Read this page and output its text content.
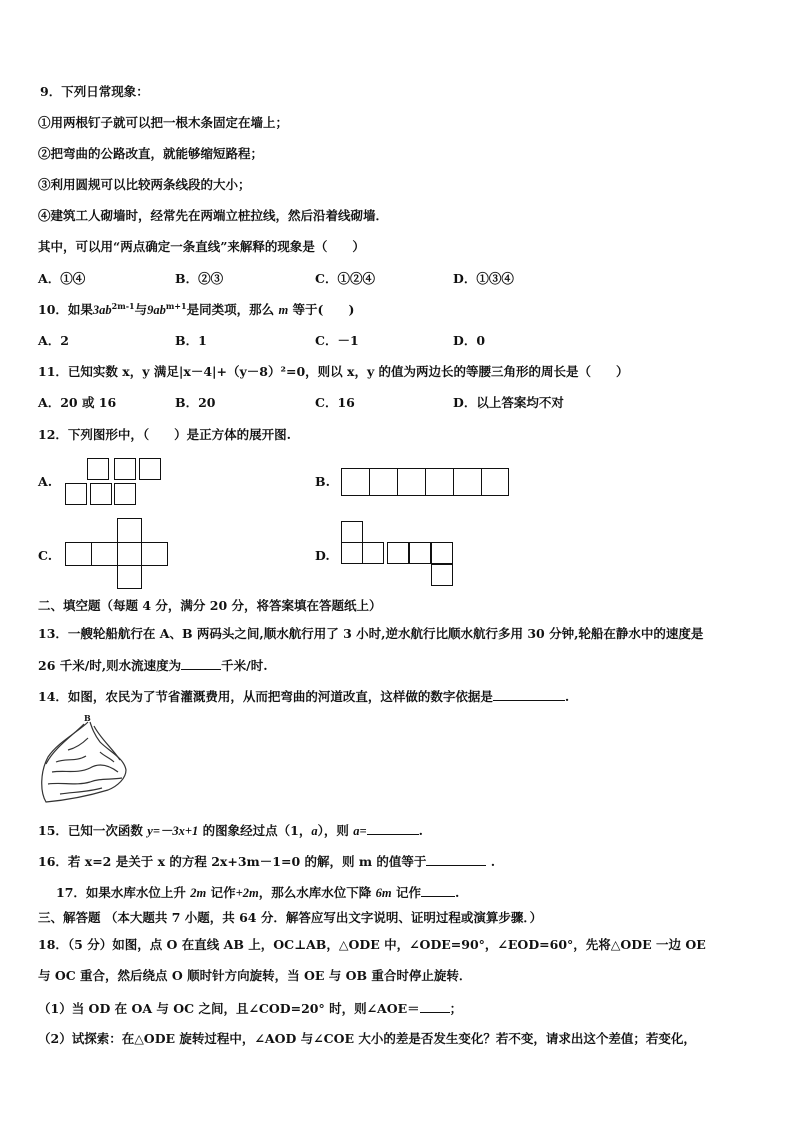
9．下列日常现象：
①用两根钉子就可以把一根木条固定在墙上；
②把弯曲的公路改直，就能够缩短路程；
③利用圆规可以比较两条线段的大小；
④建筑工人砌墙时，经常先在两端立桩拉线，然后沿着线砌墙．
其中，可以用“两点确定一条直线”来解释的现象是（　　）
A．①④	B．②③	C．①②④	D．①③④
10．如果$3ab^{2m-1}$与$9ab^{m+1}$是同类项，那么 m 等于(　　)
A．2	B．1	C．－1	D．0
11．已知实数 x，y 满足|x－4|+（y－8）²=0，则以 x，y 的值为两边长的等腰三角形的周长是（　　）
A．20 或 16	B．20	C．16	D．以上答案均不对
12．下列图形中，（　　）是正方体的展开图.
A.	B.
C.	D.
二、填空题（每题 4 分，满分 20 分，将答案填在答题纸上）
13．一艘轮船航行在 A、B 两码头之间,顺水航行用了 3 小时,逆水航行比顺水航行多用 30 分钟,轮船在静水中的速度是
26 千米/时,则水流速度为	千米/时.
14．如图，农民为了节省灌溉费用，从而把弯曲的河道改直，这样做的数字依据是	.
B
15．已知一次函数 y=－3x+1 的图象经过点（1，a），则 a=	.
16．若 x=2 是关于 x 的方程 2x+3m－1=0 的解，则 m 的值等于	.
17．如果水库水位上升 2m 记作+2m，那么水库水位下降 6m 记作	.
三、解答题 （本大题共 7 小题，共 64 分．解答应写出文字说明、证明过程或演算步骤．）
18．（5 分）如图，点 O 在直线 AB 上，OC⊥AB，△ODE 中，∠ODE=90°，∠EOD=60°，先将△ODE 一边 OE
与 OC 重合，然后绕点 O 顺时针方向旋转，当 OE 与 OB 重合时停止旋转．
（1）当 OD 在 OA 与 OC 之间，且∠COD=20° 时，则∠AOE＝ ；
（2）试探索：在△ODE 旋转过程中，∠AOD 与∠COE 大小的差是否发生变化？若不变，请求出这个差值；若变化，
